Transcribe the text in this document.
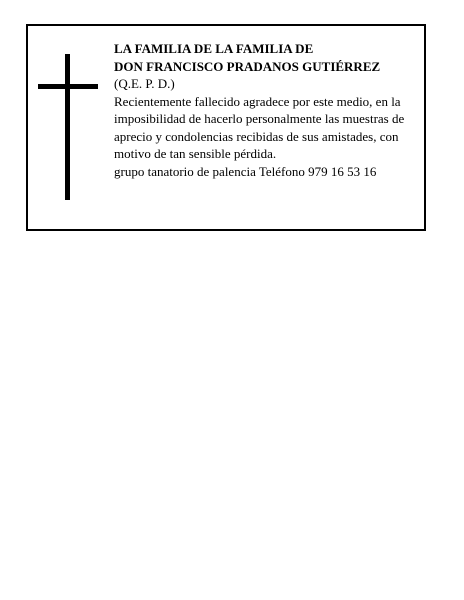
LA FAMILIA DE LA FAMILIA DE

DON FRANCISCO PRADANOS GUTIÉRREZ

(Q.E. P. D.)

Recientemente fallecido agradece por este medio, en la imposibilidad de hacerlo personalmente las muestras de aprecio y condolencias recibidas de sus amistades, con motivo de tan sensible pérdida.

grupo tanatorio de palencia Teléfono 979 16 53 16
